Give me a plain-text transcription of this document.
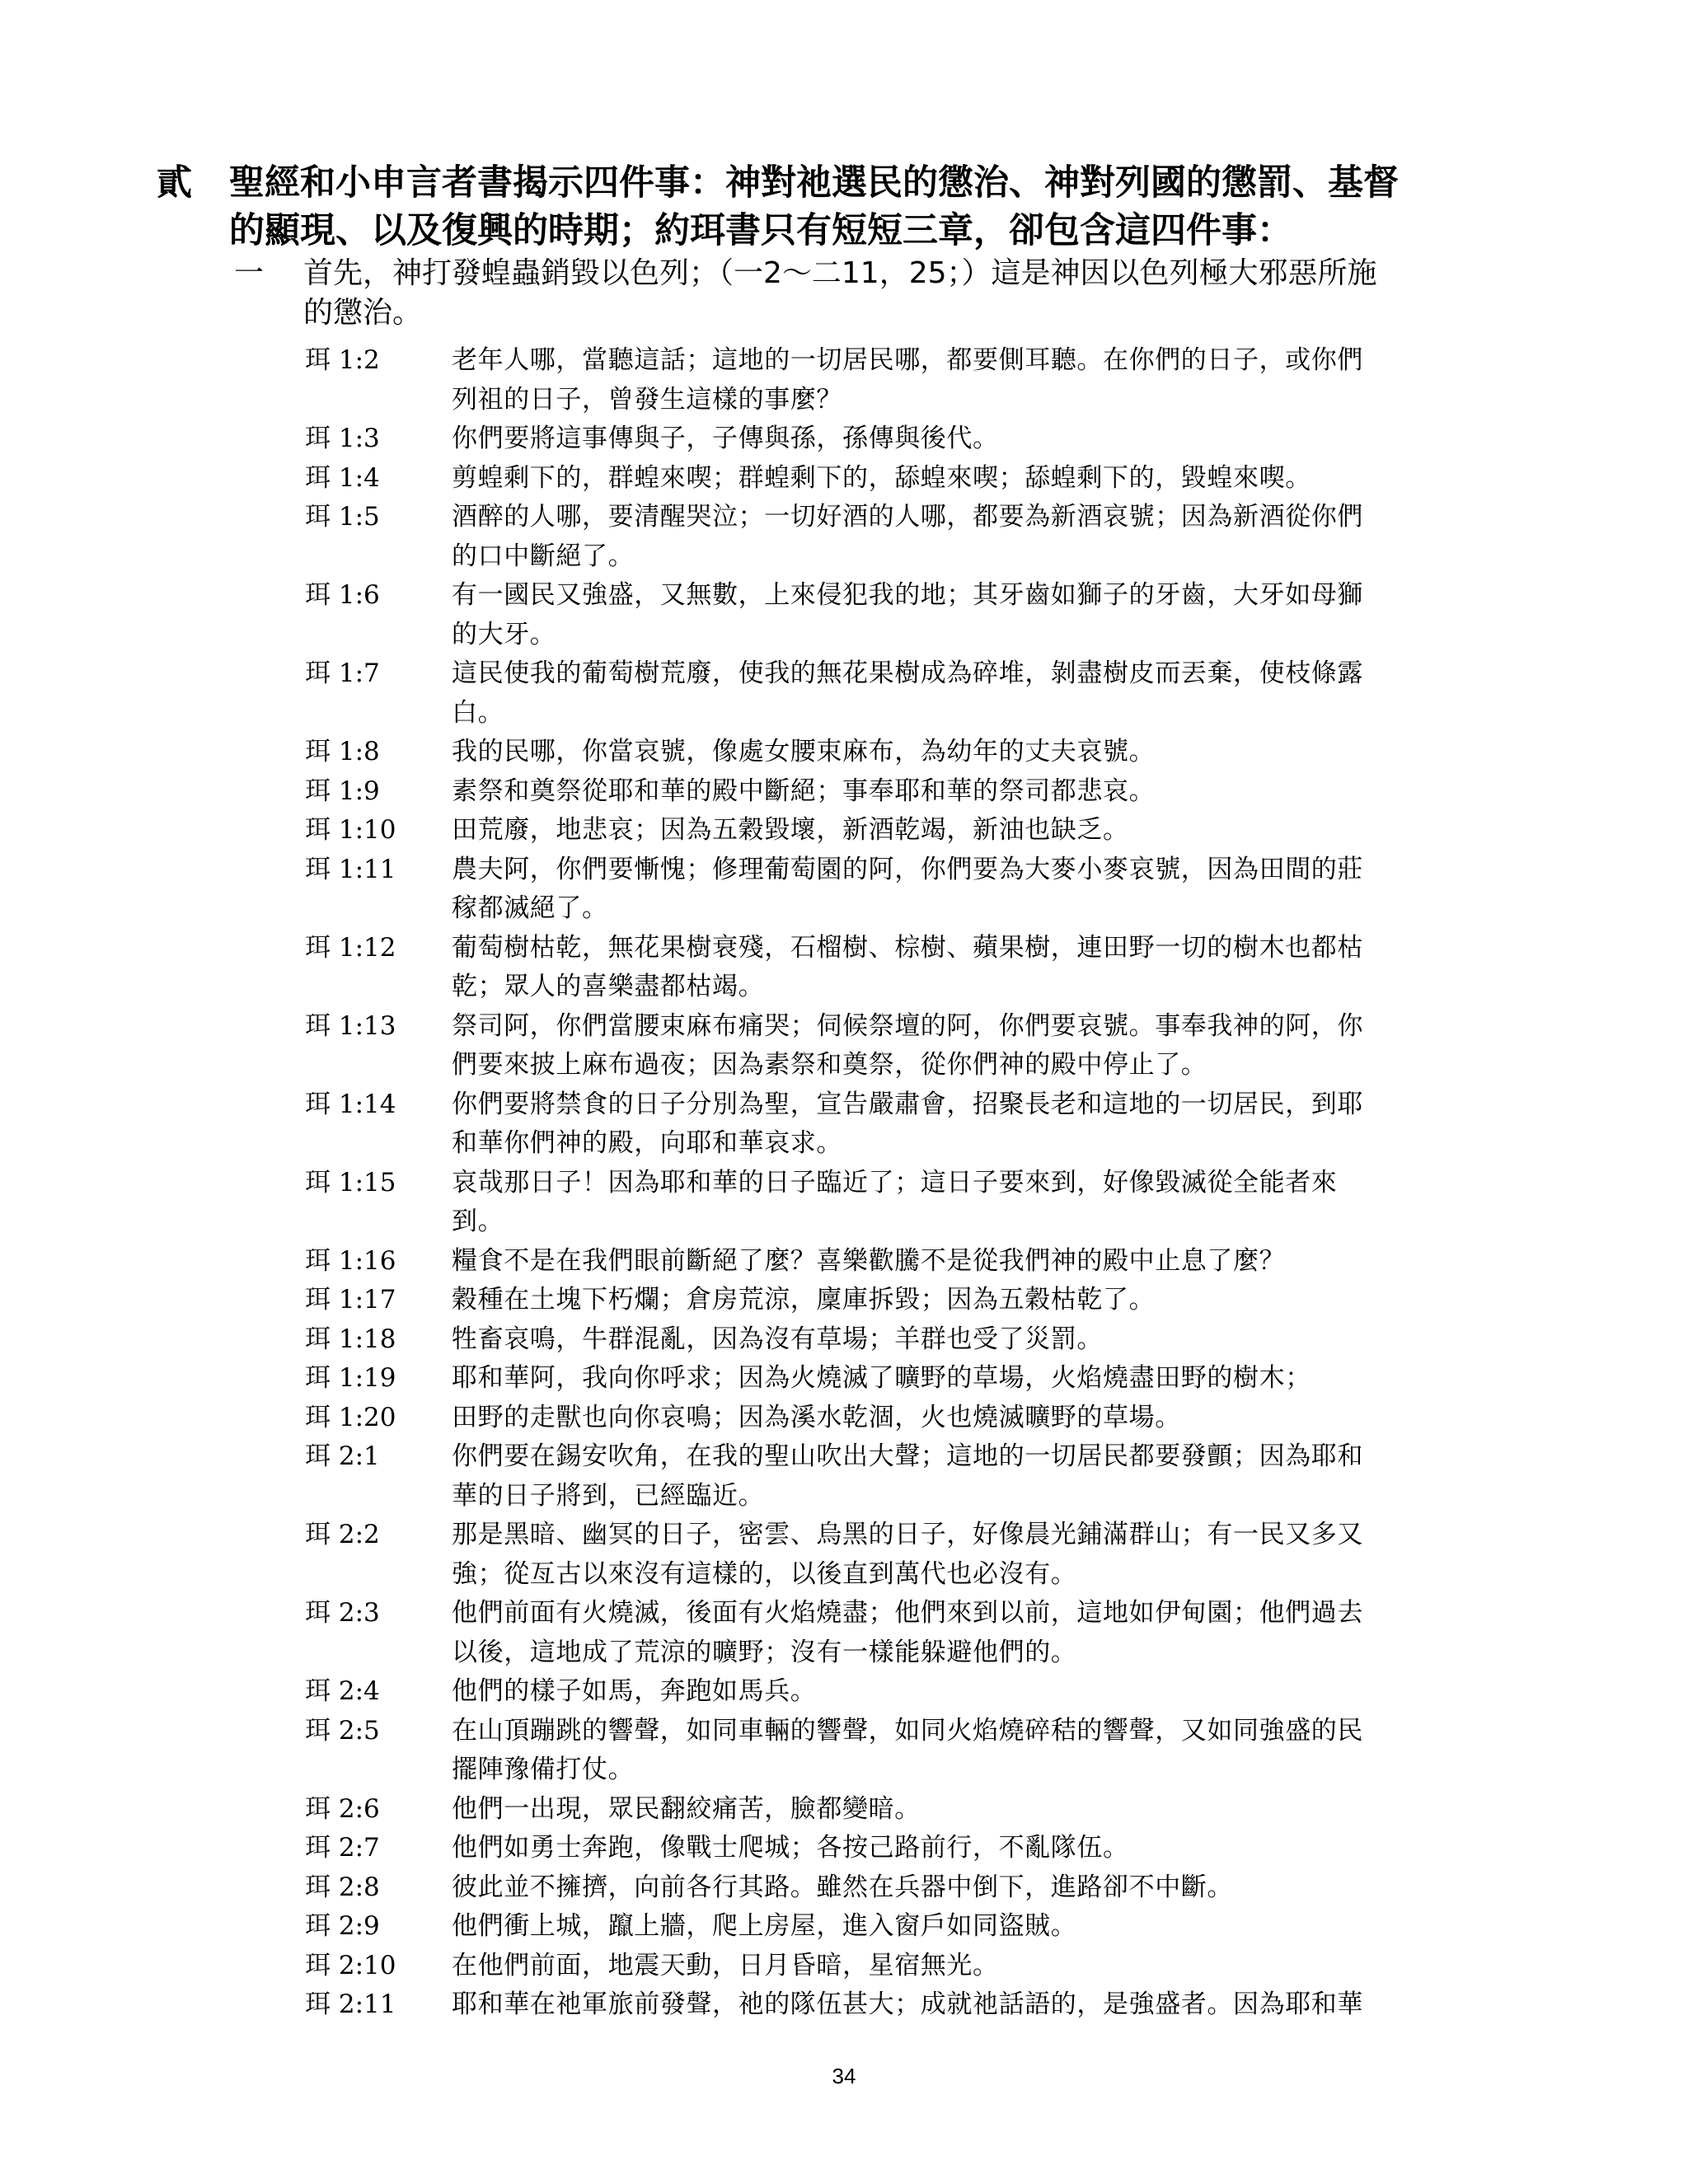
貳 聖經和小申言者書揭示四件事：神對祂選民的懲治、神對列國的懲罰、基督
的顯現、以及復興的時期；約珥書只有短短三章，卻包含這四件事：
一 首先，神打發蝗蟲銷毀以色列；（一2～二11，25；）這是神因以色列極大邪惡所施
的懲治。
珥 1:2	老年人哪，當聽這話；這地的一切居民哪，都要側耳聽。在你們的日子，或你們
列祖的日子，曾發生這樣的事麼？
珥 1:3	你們要將這事傳與子，子傳與孫，孫傳與後代。
珥 1:4	剪蝗剩下的，群蝗來喫；群蝗剩下的，舔蝗來喫；舔蝗剩下的，毀蝗來喫。
珥 1:5	酒醉的人哪，要清醒哭泣；一切好酒的人哪，都要為新酒哀號；因為新酒從你們
的口中斷絕了。
珥 1:6	有一國民又強盛，又無數，上來侵犯我的地；其牙齒如獅子的牙齒，大牙如母獅
的大牙。
珥 1:7	這民使我的葡萄樹荒廢，使我的無花果樹成為碎堆，剝盡樹皮而丟棄，使枝條露
白。
珥 1:8	我的民哪，你當哀號，像處女腰束麻布，為幼年的丈夫哀號。
珥 1:9	素祭和奠祭從耶和華的殿中斷絕；事奉耶和華的祭司都悲哀。
珥 1:10 田荒廢，地悲哀；因為五穀毀壞，新酒乾竭，新油也缺乏。
珥 1:11 農夫阿，你們要慚愧；修理葡萄園的阿，你們要為大麥小麥哀號，因為田間的莊
稼都滅絕了。
珥 1:12 葡萄樹枯乾，無花果樹衰殘，石榴樹、棕樹、蘋果樹，連田野一切的樹木也都枯
乾；眾人的喜樂盡都枯竭。
珥 1:13 祭司阿，你們當腰束麻布痛哭；伺候祭壇的阿，你們要哀號。事奉我神的阿，你
們要來披上麻布過夜；因為素祭和奠祭，從你們神的殿中停止了。
珥 1:14 你們要將禁食的日子分別為聖，宣告嚴肅會，招聚長老和這地的一切居民，到耶
和華你們神的殿，向耶和華哀求。
珥 1:15 哀哉那日子！因為耶和華的日子臨近了；這日子要來到，好像毀滅從全能者來
到。
珥 1:16 糧食不是在我們眼前斷絕了麼？喜樂歡騰不是從我們神的殿中止息了麼？
珥 1:17 穀種在土塊下朽爛；倉房荒涼，廩庫拆毀；因為五穀枯乾了。
珥 1:18 牲畜哀鳴，牛群混亂，因為沒有草場；羊群也受了災罰。
珥 1:19 耶和華阿，我向你呼求；因為火燒滅了曠野的草場，火焰燒盡田野的樹木；
珥 1:20 田野的走獸也向你哀鳴；因為溪水乾涸，火也燒滅曠野的草場。
珥 2:1	你們要在錫安吹角，在我的聖山吹出大聲；這地的一切居民都要發顫；因為耶和
華的日子將到，已經臨近。
珥 2:2	那是黑暗、幽冥的日子，密雲、烏黑的日子，好像晨光鋪滿群山；有一民又多又
強；從亙古以來沒有這樣的，以後直到萬代也必沒有。
珥 2:3	他們前面有火燒滅，後面有火焰燒盡；他們來到以前，這地如伊甸園；他們過去
以後，這地成了荒涼的曠野；沒有一樣能躲避他們的。
珥 2:4	他們的樣子如馬，奔跑如馬兵。
珥 2:5	在山頂蹦跳的響聲，如同車輛的響聲，如同火焰燒碎秸的響聲，又如同強盛的民
擺陣豫備打仗。
珥 2:6	他們一出現，眾民翻絞痛苦，臉都變暗。
珥 2:7	他們如勇士奔跑，像戰士爬城；各按己路前行，不亂隊伍。
珥 2:8	彼此並不擁擠，向前各行其路。雖然在兵器中倒下，進路卻不中斷。
珥 2:9	他們衝上城，躥上牆，爬上房屋，進入窗戶如同盜賊。
珥 2:10 在他們前面，地震天動，日月昏暗，星宿無光。
珥 2:11 耶和華在祂軍旅前發聲，祂的隊伍甚大；成就祂話語的，是強盛者。因為耶和華
34
